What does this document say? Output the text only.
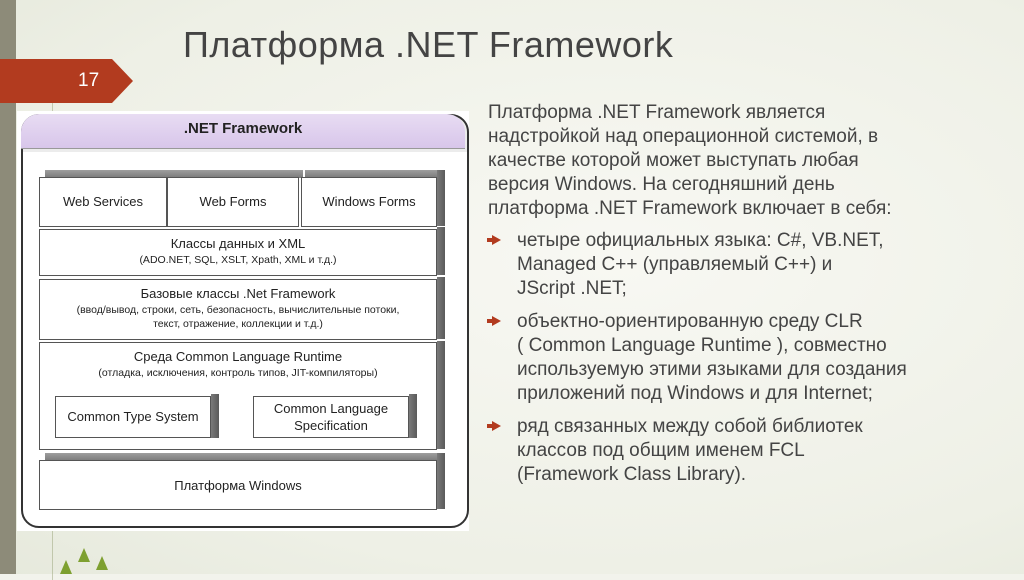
17
Платформа .NET Framework
.NET Framework
Web Services	Web Forms	Windows Forms
Классы данных и XML
(ADO.NET, SQL, XSLT, Xpath, XML и т.д.)
Базовые классы .Net Framework
(ввод/вывод, строки, сеть, безопасность, вычислительные потоки,
текст, отражение, коллекции и т.д.)
Среда Common Language Runtime
(отладка, исключения, контроль типов, JIT-компиляторы)
Common Type System
Common Language
Specification
Платформа Windows
Платформа .NET Framework является
надстройкой над операционной системой, в
качестве которой может выступать любая
версия Windows. На сегодняшний день
платформа .NET Framework включает в себя:
четыре официальных языка: C#, VB.NET,
Managed C++ (управляемый C++) и
JScript .NET;
объектно-ориентированную среду CLR
( Common Language Runtime ), совместно
используемую этими языками для создания
приложений под Windows и для Internet;
ряд связанных между собой библиотек
классов под общим именем FCL
(Framework Class Library).
